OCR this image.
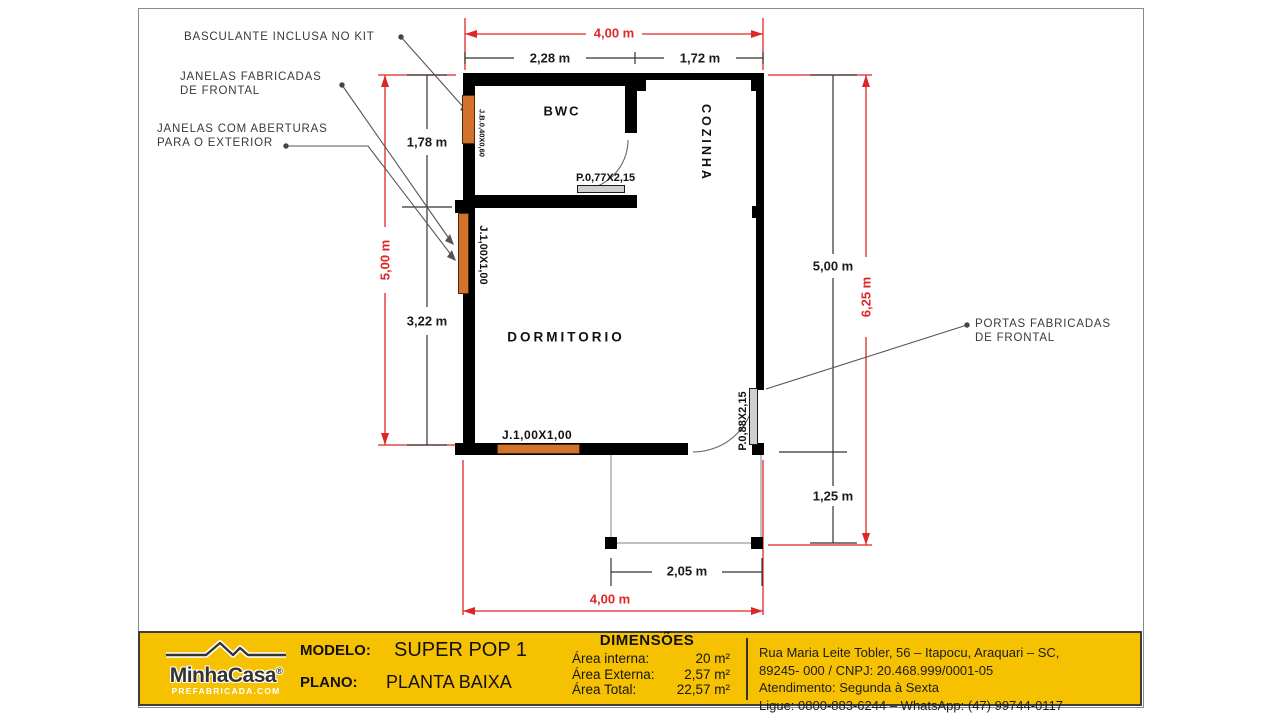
BWC	COZINHA
DORMITORIO
J.B.0,40X0,60
J.1,00X1,00
J.1,00X1,00
P.0,77X2,15
P.0,88X2,15
4,00 m
2,28 m	1,72 m
5,00 m
1,78 m
3,22 m
5,00 m
6,25 m
1,25 m
2,05 m
4,00 m
BASCULANTE INCLUSA NO KIT
JANELAS FABRICADAS
DE FRONTAL
JANELAS COM ABERTURAS
PARA O EXTERIOR
PORTAS FABRICADAS
DE FRONTAL
MinhaCasa®
PREFABRICADA.COM
MODELO: SUPER POP 1
PLANO: PLANTA BAIXA
DIMENSÕES
Área interna:	20 m²
Área Externa: 2,57 m²
Área Total:	22,57 m²
Rua Maria Leite Tobler, 56 – Itapocu, Araquari – SC,
89245- 000 / CNPJ: 20.468.999/0001-05
Atendimento: Segunda à Sexta
Ligue: 0800-883-6244 – WhatsApp: (47) 99744-0117
